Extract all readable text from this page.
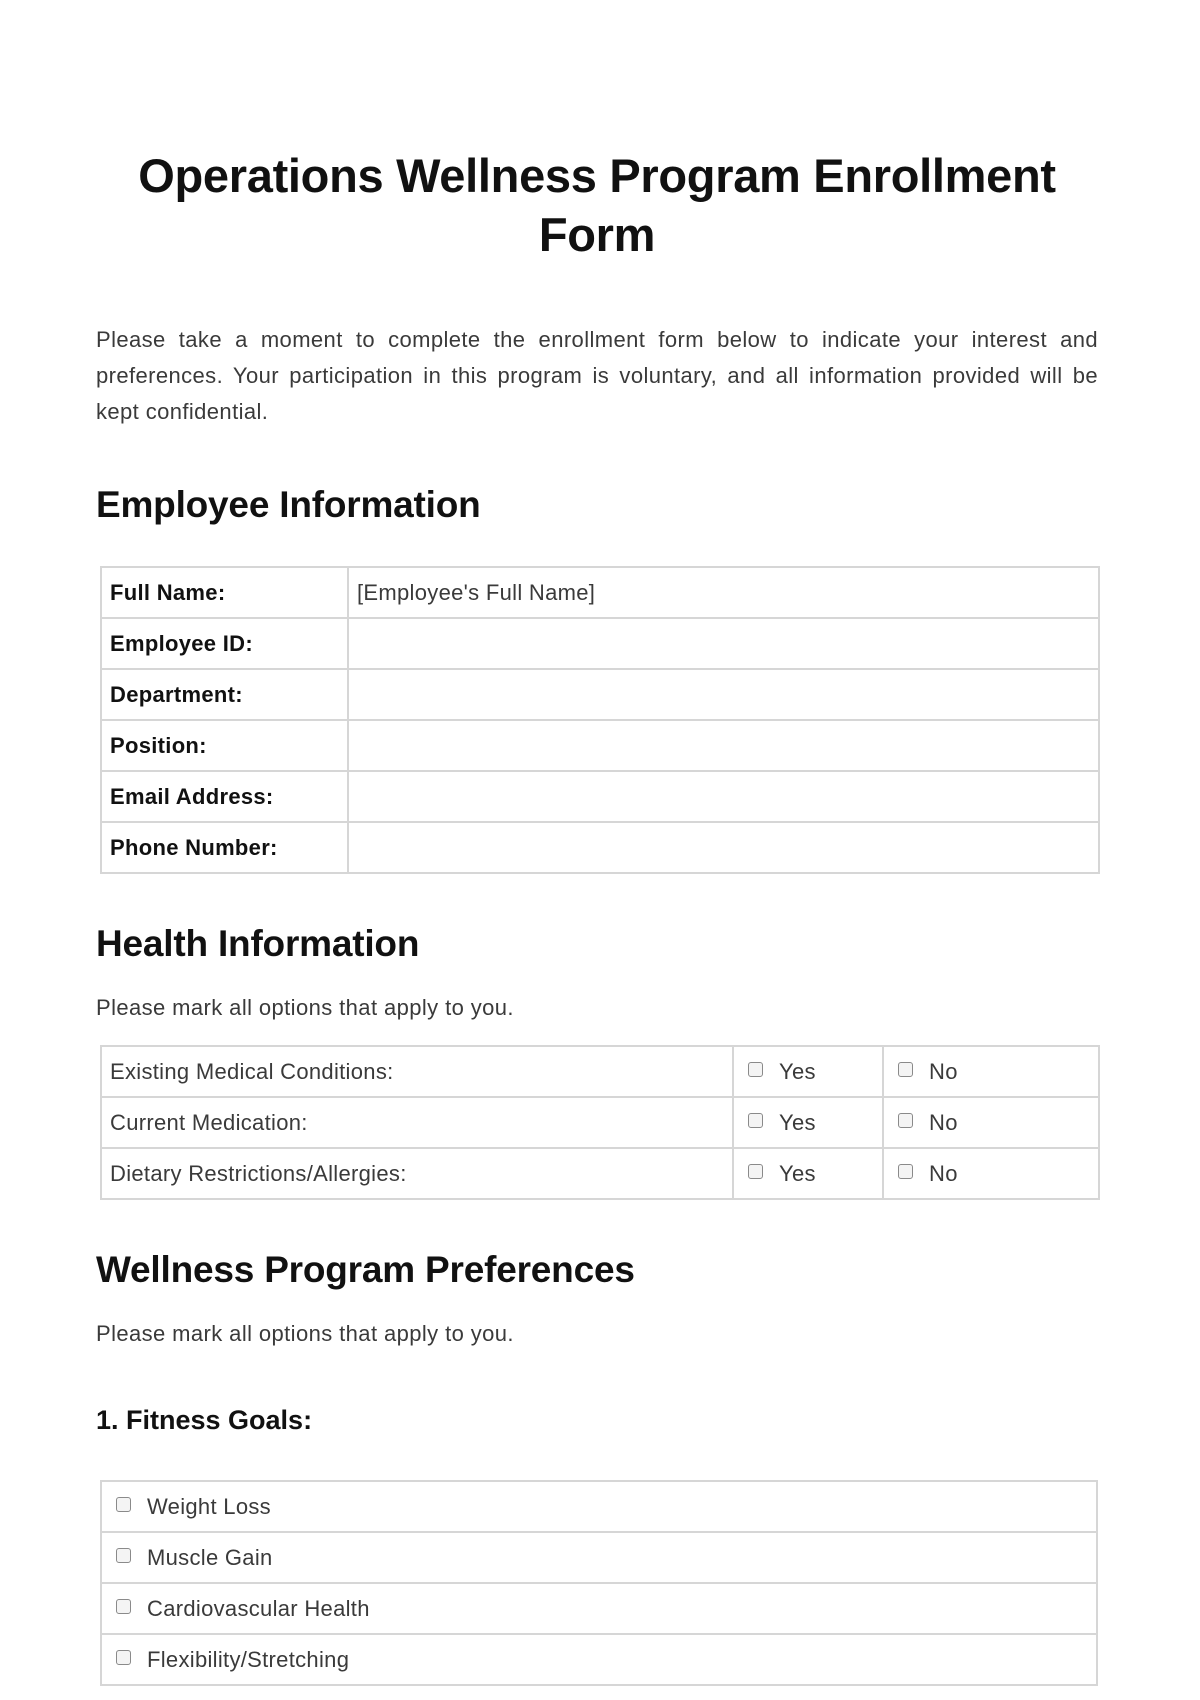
Operations Wellness Program Enrollment Form

Please take a moment to complete the enrollment form below to indicate your interest and preferences. Your participation in this program is voluntary, and all information provided will be kept confidential.

Employee Information
Full Name:	[Employee's Full Name]
Employee ID:	
Department:	
Position:	
Email Address:	
Phone Number:	
Health Information

Please mark all options that apply to you.

Existing Medical Conditions:	Yes	No
Current Medication:	Yes	No
Dietary Restrictions/Allergies:	Yes	No
Wellness Program Preferences

Please mark all options that apply to you.

1. Fitness Goals:
Weight Loss
Muscle Gain
Cardiovascular Health
Flexibility/Stretching
